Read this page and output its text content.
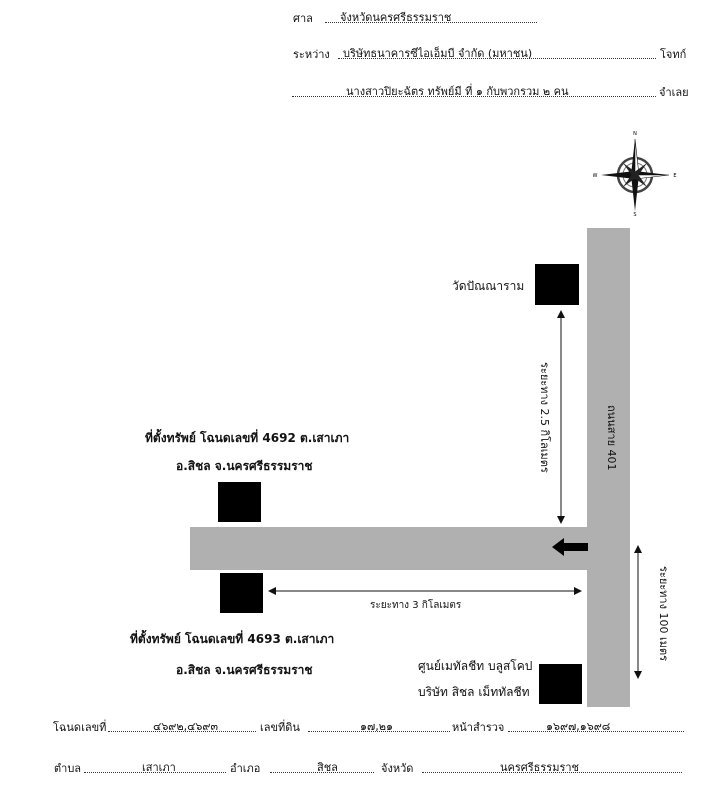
ศาล จังหวัดนครศรีธรรมราช
ระหว่าง บริษัทธนาคารซีไอเอ็มบี จำกัด (มหาชน)	โจทก์
นางสาวปิยะฉัตร ทรัพย์มี ที่ ๑ กับพวกรวม ๒ คน	จำเลย
N
S
W	E
ถนนสาย 401
วัดปัณณาราม
ระยะทาง 2.5 กิโลเมตร
ที่ตั้งทรัพย์ โฉนดเลขที่ 4692 ต.เสาเภา
อ.สิชล จ.นครศรีธรรมราช
ระยะทาง 3 กิโลเมตร
ที่ตั้งทรัพย์ โฉนดเลขที่ 4693 ต.เสาเภา
อ.สิชล จ.นครศรีธรรมราช
ระยะทาง 100 เมตร
ศูนย์เมทัลชีท บลูสโคป
บริษัท สิชล เม็ททัลชีท
โฉนดเลขที่	๔๖๙๒,๔๖๙๓	เลขที่ดิน	๑๗,๒๑	หน้าสำรวจ	๑๖๙๗,๑๖๙๘
ตำบล	เสาเภา	อำเภอ	สิชล	จังหวัด	นครศรีธรรมราช
